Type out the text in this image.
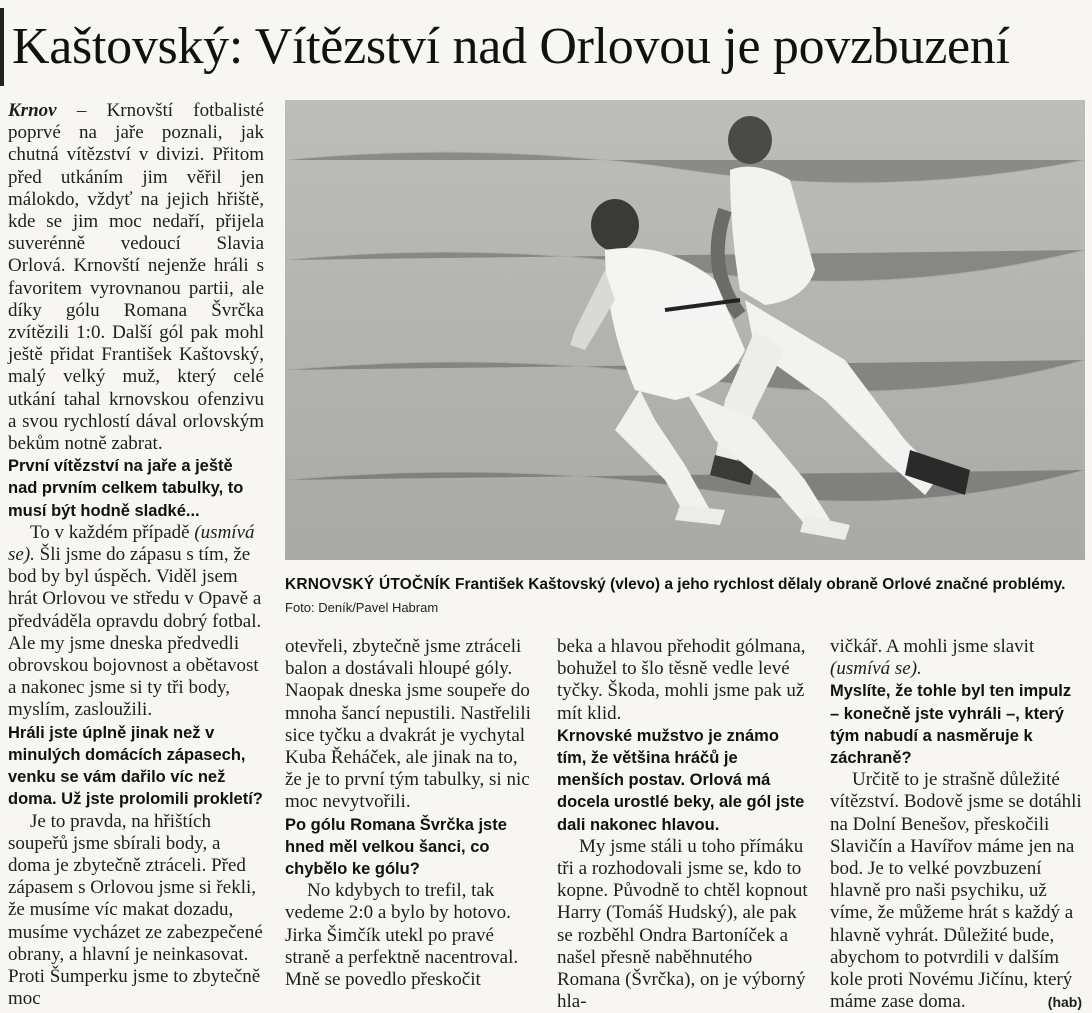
Kaštovský: Vítězství nad Orlovou je povzbuzení

Krnov – Krnovští fotbalisté poprvé na jaře poznali, jak chutná vítězství v divizi. Přitom před utkáním jim věřil jen málokdo, vždyť na jejich hřiště, kde se jim moc nedaří, přijela suverénně vedoucí Slavia Orlová. Krnovští nejenže hráli s favoritem vyrovnanou partii, ale díky gólu Romana Švrčka zvítězili 1:0. Další gól pak mohl ještě přidat František Kaštovský, malý velký muž, který celé utkání tahal krnovskou ofenzivu a svou rychlostí dával orlovským bekům notně zabrat.

První vítězství na jaře a ještě nad prvním celkem tabulky, to musí být hodně sladké...

To v každém případě (usmívá se). Šli jsme do zápasu s tím, že bod by byl úspěch. Viděl jsem hrát Orlovou ve středu v Opavě a předváděla opravdu dobrý fotbal. Ale my jsme dneska předvedli obrovskou bojovnost a obětavost a nakonec jsme si ty tři body, myslím, zasloužili.

Hráli jste úplně jinak než v minulých domácích zápasech, venku se vám dařilo víc než doma. Už jste prolomili prokletí?

Je to pravda, na hřištích soupeřů jsme sbírali body, a doma je zbytečně ztráceli. Před zápasem s Orlovou jsme si řekli, že musíme víc makat dozadu, musíme vycházet ze zabezpečené obrany, a hlavní je neinkasovat. Proti Šumperku jsme to zbytečně moc

KRNOVSKÝ ÚTOČNÍK František Kaštovský (vlevo) a jeho rychlost dělaly obraně Orlové značné problémy.
Foto: Deník/Pavel Habram

otevřeli, zbytečně jsme ztráceli balon a dostávali hloupé góly. Naopak dneska jsme soupeře do mnoha šancí nepustili. Nastřelili sice tyčku a dvakrát je vychytal Kuba Řeháček, ale jinak na to, že je to první tým tabulky, si nic moc nevytvořili.

Po gólu Romana Švrčka jste hned měl velkou šanci, co chybělo ke gólu?

No kdybych to trefil, tak vedeme 2:0 a bylo by hotovo. Jirka Šimčík utekl po pravé straně a perfektně nacentroval. Mně se povedlo přeskočit

beka a hlavou přehodit gólmana, bohužel to šlo těsně vedle levé tyčky. Škoda, mohli jsme pak už mít klid.

Krnovské mužstvo je známo tím, že většina hráčů je menších postav. Orlová má docela urostlé beky, ale gól jste dali nakonec hlavou.

My jsme stáli u toho přímáku tři a rozhodovali jsme se, kdo to kopne. Původně to chtěl kopnout Harry (Tomáš Hudský), ale pak se rozběhl Ondra Bartoníček a našel přesně naběhnutého Romana (Švrčka), on je výborný hla-

vičkář. A mohli jsme slavit (usmívá se).

Myslíte, že tohle byl ten impulz – konečně jste vyhráli –, který tým nabudí a nasměruje k záchraně?

Určitě to je strašně důležité vítězství. Bodově jsme se dotáhli na Dolní Benešov, přeskočili Slavičín a Havířov máme jen na bod. Je to velké povzbuzení hlavně pro naši psychiku, už víme, že můžeme hrát s každý a hlavně vyhrát. Důležité bude, abychom to potvrdili v dalším kole proti Novému Jičínu, který máme zase doma.	(hab)
